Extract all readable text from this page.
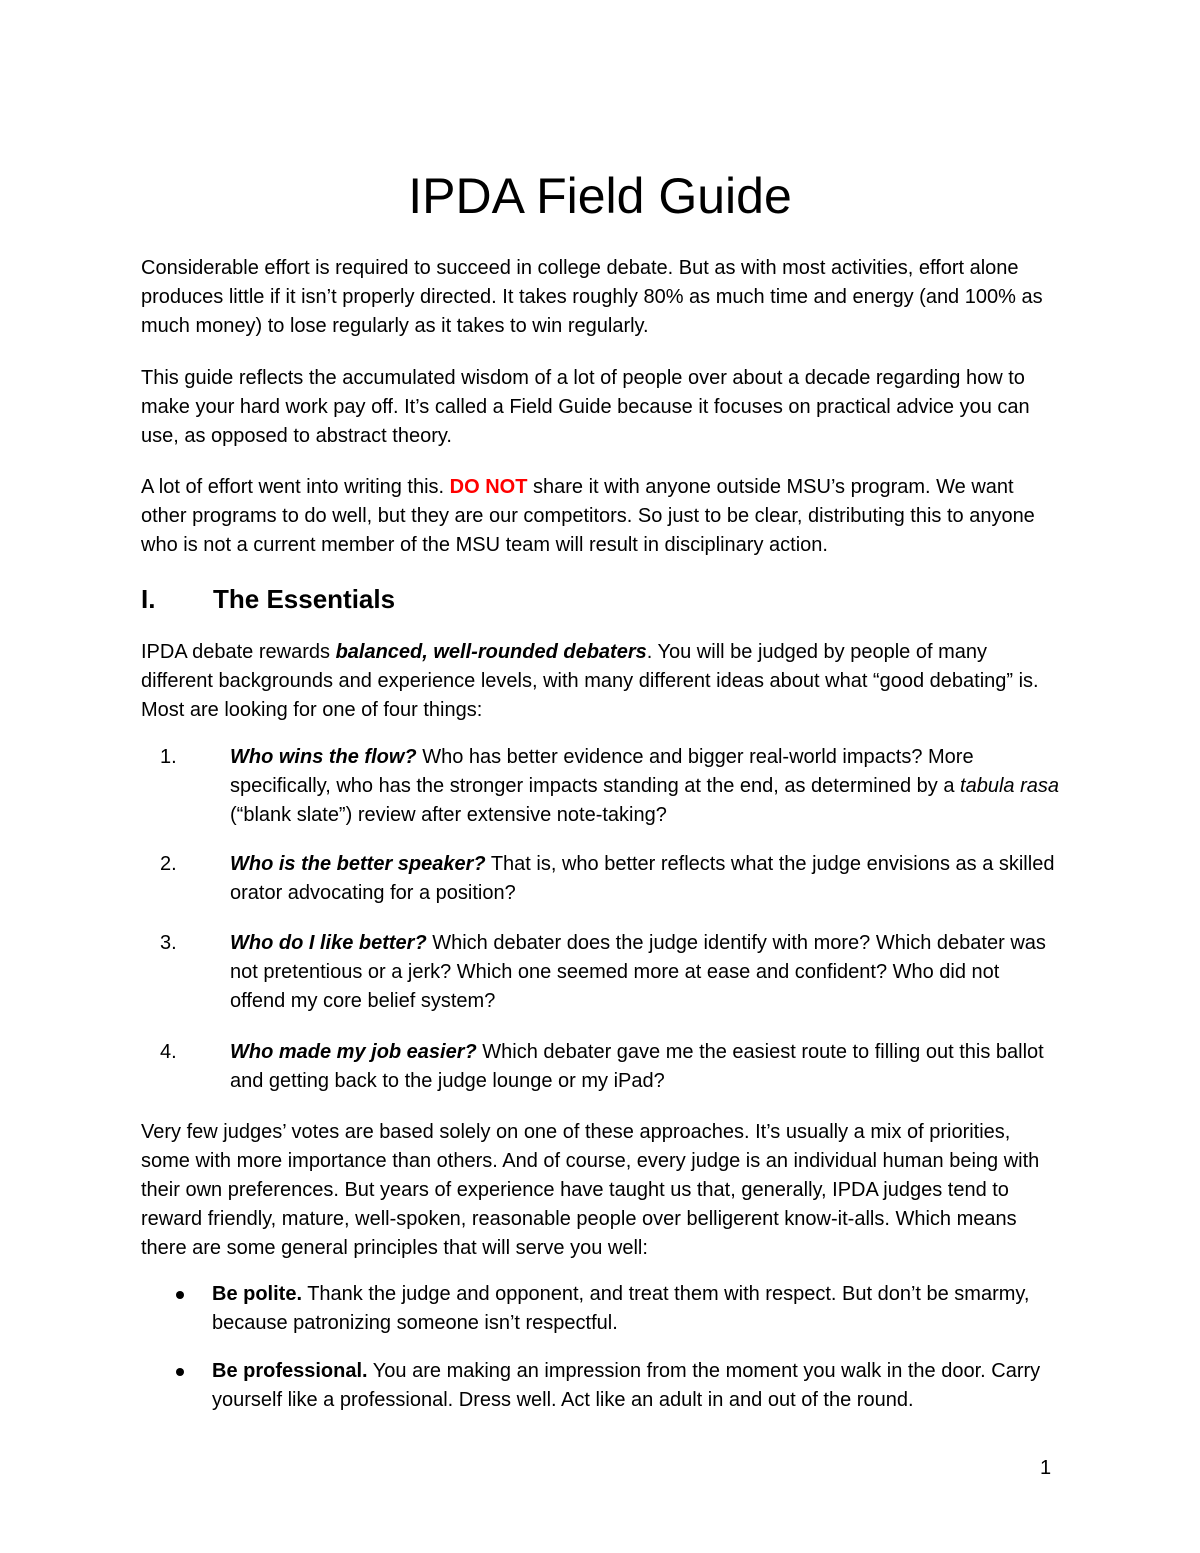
IPDA Field Guide

Considerable effort is required to succeed in college debate. But as with most activities, effort alone produces little if it isn’t properly directed. It takes roughly 80% as much time and energy (and 100% as much money) to lose regularly as it takes to win regularly.

This guide reflects the accumulated wisdom of a lot of people over about a decade regarding how to make your hard work pay off. It’s called a Field Guide because it focuses on practical advice you can use, as opposed to abstract theory.

A lot of effort went into writing this. DO NOT share it with anyone outside MSU’s program. We want other programs to do well, but they are our competitors. So just to be clear, distributing this to anyone who is not a current member of the MSU team will result in disciplinary action.

I. The Essentials

IPDA debate rewards balanced, well-rounded debaters. You will be judged by people of many different backgrounds and experience levels, with many different ideas about what “good debating” is. Most are looking for one of four things:

1.	Who wins the flow? Who has better evidence and bigger real-world impacts? More specifically, who has the stronger impacts standing at the end, as determined by a tabula rasa (“blank slate”) review after extensive note-taking?
2.	Who is the better speaker? That is, who better reflects what the judge envisions as a skilled orator advocating for a position?
3.	Who do I like better? Which debater does the judge identify with more? Which debater was not pretentious or a jerk? Which one seemed more at ease and confident? Who did not offend my core belief system?
4.	Who made my job easier? Which debater gave me the easiest route to filling out this ballot and getting back to the judge lounge or my iPad?

Very few judges’ votes are based solely on one of these approaches. It’s usually a mix of priorities, some with more importance than others. And of course, every judge is an individual human being with their own preferences. But years of experience have taught us that, generally, IPDA judges tend to reward friendly, mature, well-spoken, reasonable people over belligerent know-it-alls. Which means there are some general principles that will serve you well:

Be polite. Thank the judge and opponent, and treat them with respect. But don’t be smarmy, because patronizing someone isn’t respectful.
Be professional. You are making an impression from the moment you walk in the door. Carry yourself like a professional. Dress well. Act like an adult in and out of the round.
1
